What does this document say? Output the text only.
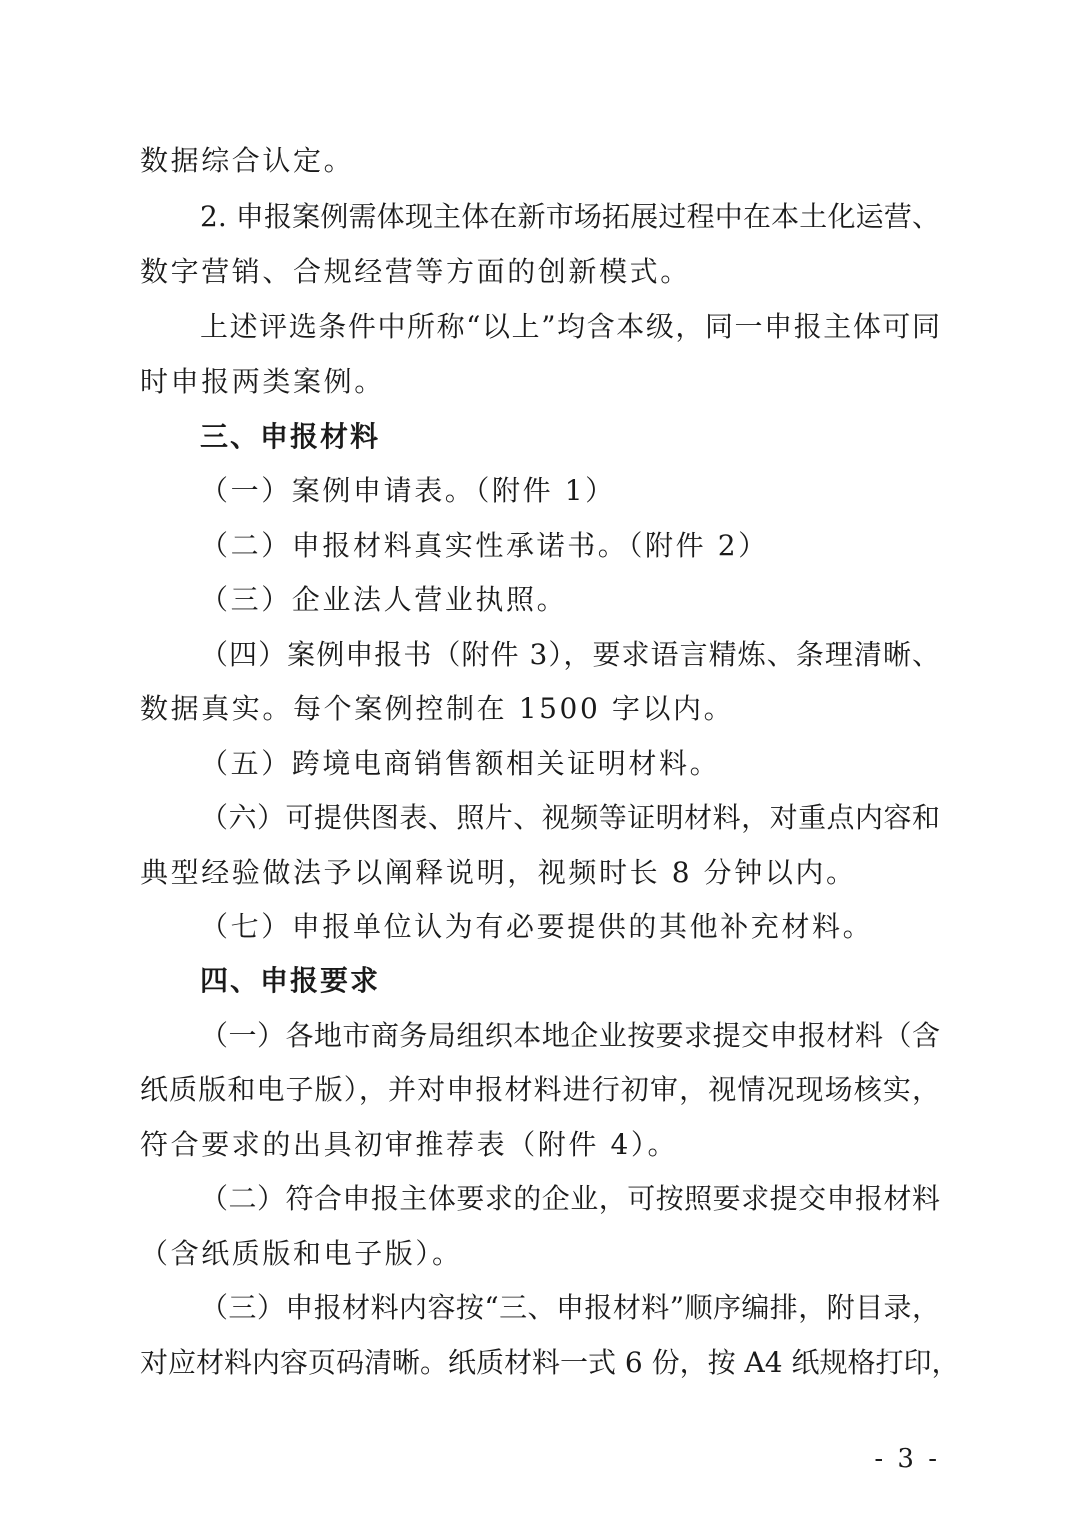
数据综合认定。
2. 申报案例需体现主体在新市场拓展过程中在本土化运营、
数字营销、合规经营等方面的创新模式。
上述评选条件中所称“以上”均含本级，同一申报主体可同
时申报两类案例。
三、申报材料
（一）案例申请表。（附件 1）
（二）申报材料真实性承诺书。（附件 2）
（三）企业法人营业执照。
（四）案例申报书（附件 3），要求语言精炼、条理清晰、
数据真实。每个案例控制在 1500 字以内。
（五）跨境电商销售额相关证明材料。
（六）可提供图表、照片、视频等证明材料，对重点内容和
典型经验做法予以阐释说明，视频时长 8 分钟以内。
（七）申报单位认为有必要提供的其他补充材料。
四、申报要求
（一）各地市商务局组织本地企业按要求提交申报材料（含
纸质版和电子版），并对申报材料进行初审，视情况现场核实，
符合要求的出具初审推荐表（附件 4）。
（二）符合申报主体要求的企业，可按照要求提交申报材料
（含纸质版和电子版）。
（三）申报材料内容按“三、申报材料”顺序编排，附目录，
对应材料内容页码清晰。纸质材料一式 6 份，按 A4 纸规格打印，
- 3 -
